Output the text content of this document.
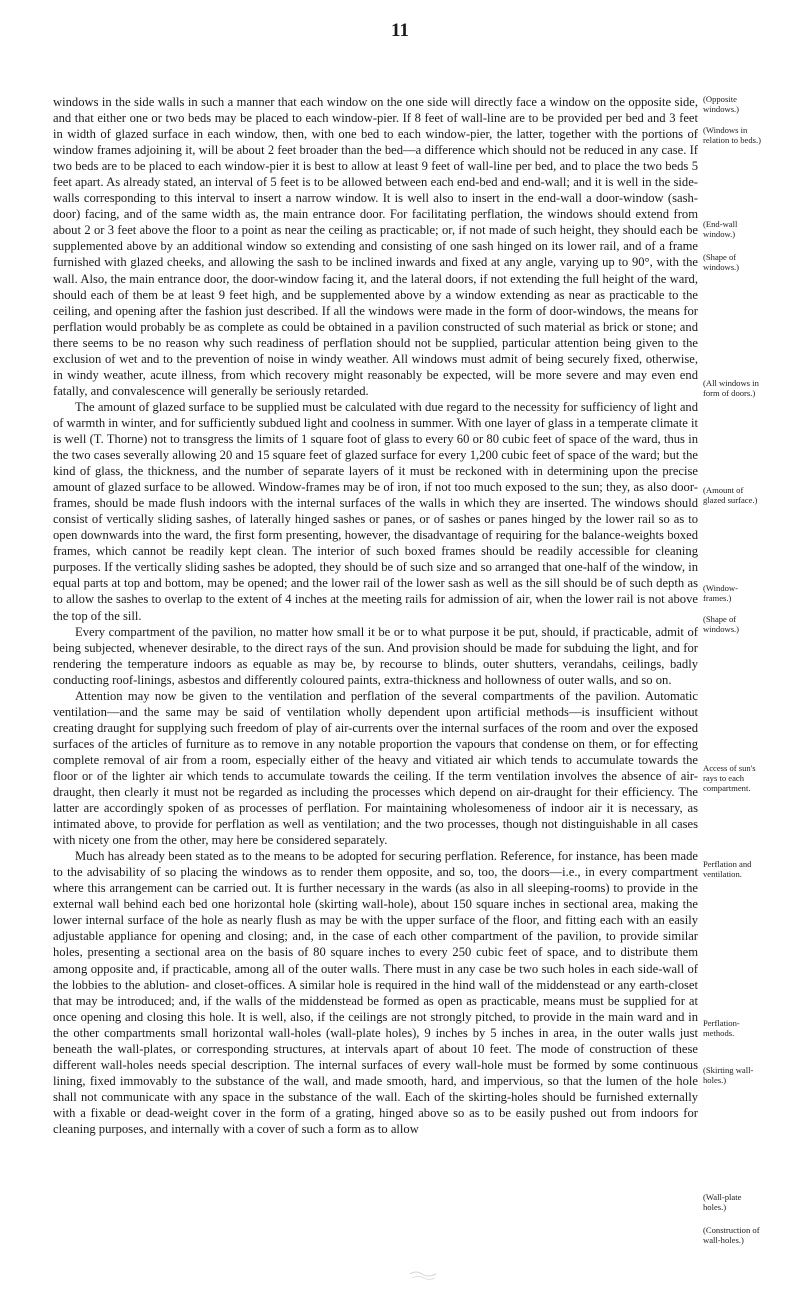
11

windows in the side walls in such a manner that each window on the one side will directly face a window on the opposite side, and that either one or two beds may be placed to each window-pier. If 8 feet of wall-line are to be provided per bed and 3 feet in width of glazed surface in each window, then, with one bed to each window-pier, the latter, together with the portions of window frames adjoining it, will be about 2 feet broader than the bed—a difference which should not be reduced in any case. If two beds are to be placed to each window-pier it is best to allow at least 9 feet of wall-line per bed, and to place the two beds 5 feet apart. As already stated, an interval of 5 feet is to be allowed between each end-bed and end-wall; and it is well in the side-walls corresponding to this interval to insert a narrow window. It is well also to insert in the end-wall a door-window (sash-door) facing, and of the same width as, the main entrance door. For facilitating perflation, the windows should extend from about 2 or 3 feet above the floor to a point as near the ceiling as practicable; or, if not made of such height, they should each be supplemented above by an additional window so extending and consisting of one sash hinged on its lower rail, and of a frame furnished with glazed cheeks, and allowing the sash to be inclined inwards and fixed at any angle, varying up to 90°, with the wall. Also, the main entrance door, the door-window facing it, and the lateral doors, if not extending the full height of the ward, should each of them be at least 9 feet high, and be supplemented above by a window extending as near as practicable to the ceiling, and opening after the fashion just described. If all the windows were made in the form of door-windows, the means for perflation would probably be as complete as could be obtained in a pavilion constructed of such material as brick or stone; and there seems to be no reason why such readiness of perflation should not be supplied, particular attention being given to the exclusion of wet and to the prevention of noise in windy weather. All windows must admit of being securely fixed, otherwise, in windy weather, acute illness, from which recovery might reasonably be expected, will be more severe and may even end fatally, and convalescence will generally be seriously retarded.

The amount of glazed surface to be supplied must be calculated with due regard to the necessity for sufficiency of light and of warmth in winter, and for sufficiently subdued light and coolness in summer. With one layer of glass in a temperate climate it is well (T. Thorne) not to transgress the limits of 1 square foot of glass to every 60 or 80 cubic feet of space of the ward, thus in the two cases severally allowing 20 and 15 square feet of glazed surface for every 1,200 cubic feet of space of the ward; but the kind of glass, the thickness, and the number of separate layers of it must be reckoned with in determining upon the precise amount of glazed surface to be allowed. Window-frames may be of iron, if not too much exposed to the sun; they, as also door-frames, should be made flush indoors with the internal surfaces of the walls in which they are inserted. The windows should consist of vertically sliding sashes, of laterally hinged sashes or panes, or of sashes or panes hinged by the lower rail so as to open downwards into the ward, the first form presenting, however, the disadvantage of requiring for the balance-weights boxed frames, which cannot be readily kept clean. The interior of such boxed frames should be readily accessible for cleaning purposes. If the vertically sliding sashes be adopted, they should be of such size and so arranged that one-half of the window, in equal parts at top and bottom, may be opened; and the lower rail of the lower sash as well as the sill should be of such depth as to allow the sashes to overlap to the extent of 4 inches at the meeting rails for admission of air, when the lower rail is not above the top of the sill.

Every compartment of the pavilion, no matter how small it be or to what purpose it be put, should, if practicable, admit of being subjected, whenever desirable, to the direct rays of the sun. And provision should be made for subduing the light, and for rendering the temperature indoors as equable as may be, by recourse to blinds, outer shutters, verandahs, ceilings, badly conducting roof-linings, asbestos and differently coloured paints, extra-thickness and hollowness of outer walls, and so on.

Attention may now be given to the ventilation and perflation of the several compartments of the pavilion. Automatic ventilation—and the same may be said of ventilation wholly dependent upon artificial methods—is insufficient without creating draught for supplying such freedom of play of air-currents over the internal surfaces of the room and over the exposed surfaces of the articles of furniture as to remove in any notable proportion the vapours that condense on them, or for effecting complete removal of air from a room, especially either of the heavy and vitiated air which tends to accumulate towards the floor or of the lighter air which tends to accumulate towards the ceiling. If the term ventilation involves the absence of air-draught, then clearly it must not be regarded as including the processes which depend on air-draught for their efficiency. The latter are accordingly spoken of as processes of perflation. For maintaining wholesomeness of indoor air it is necessary, as intimated above, to provide for perflation as well as ventilation; and the two processes, though not distinguishable in all cases with nicety one from the other, may here be considered separately.

Much has already been stated as to the means to be adopted for securing perflation. Reference, for instance, has been made to the advisability of so placing the windows as to render them opposite, and so, too, the doors—i.e., in every compartment where this arrangement can be carried out. It is further necessary in the wards (as also in all sleeping-rooms) to provide in the external wall behind each bed one horizontal hole (skirting wall-hole), about 150 square inches in sectional area, making the lower internal surface of the hole as nearly flush as may be with the upper surface of the floor, and fitting each with an easily adjustable appliance for opening and closing; and, in the case of each other compartment of the pavilion, to provide similar holes, presenting a sectional area on the basis of 80 square inches to every 250 cubic feet of space, and to distribute them among opposite and, if practicable, among all of the outer walls. There must in any case be two such holes in each side-wall of the lobbies to the ablution- and closet-offices. A similar hole is required in the hind wall of the middenstead or any earth-closet that may be introduced; and, if the walls of the middenstead be formed as open as practicable, means must be supplied for at once opening and closing this hole. It is well, also, if the ceilings are not strongly pitched, to provide in the main ward and in the other compartments small horizontal wall-holes (wall-plate holes), 9 inches by 5 inches in area, in the outer walls just beneath the wall-plates, or corresponding structures, at intervals apart of about 10 feet. The mode of construction of these different wall-holes needs special description. The internal surfaces of every wall-hole must be formed by some continuous lining, fixed immovably to the substance of the wall, and made smooth, hard, and impervious, so that the lumen of the hole shall not communicate with any space in the substance of the wall. Each of the skirting-holes should be furnished externally with a fixable or dead-weight cover in the form of a grating, hinged above so as to be easily pushed out from indoors for cleaning purposes, and internally with a cover of such a form as to allow

(Opposite
windows.)
(Windows in
relation to beds.)
(End-wall
window.)
(Shape of
windows.)
(All windows in
form of doors.)
(Amount of
glazed surface.)
(Window-
frames.)
(Shape of
windows.)
Access of sun's
rays to each
compartment.
Perflation and
ventilation.
Perflation-
methods.
(Skirting wall-
holes.)
(Wall-plate
holes.)
(Construction of
wall-holes.)
